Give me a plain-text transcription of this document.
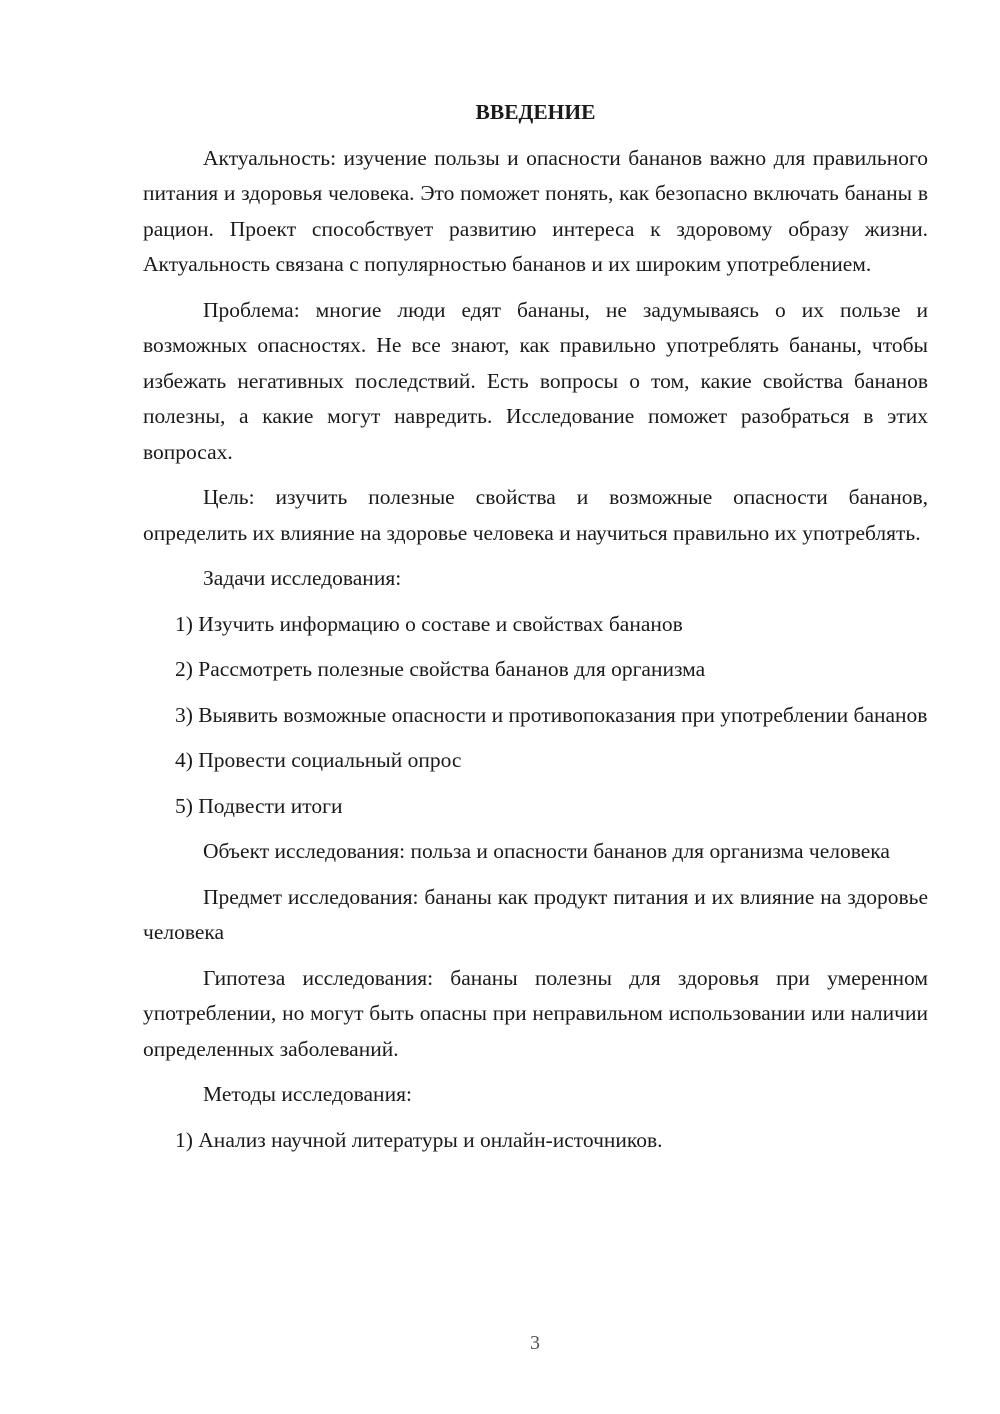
ВВЕДЕНИЕ

Актуальность: изучение пользы и опасности бананов важно для правильного питания и здоровья человека. Это поможет понять, как безопасно включать бананы в рацион. Проект способствует развитию интереса к здоровому образу жизни. Актуальность связана с популярностью бананов и их широким употреблением.

Проблема: многие люди едят бананы, не задумываясь о их пользе и возможных опасностях. Не все знают, как правильно употреблять бананы, чтобы избежать негативных последствий. Есть вопросы о том, какие свойства бананов полезны, а какие могут навредить. Исследование поможет разобраться в этих вопросах.

Цель: изучить полезные свойства и возможные опасности бананов, определить их влияние на здоровье человека и научиться правильно их употреблять.

Задачи исследования:

1) Изучить информацию о составе и свойствах бананов

2) Рассмотреть полезные свойства бананов для организма

3) Выявить возможные опасности и противопоказания при употреблении бананов

4) Провести социальный опрос

5) Подвести итоги

Объект исследования: польза и опасности бананов для организма человека

Предмет исследования: бананы как продукт питания и их влияние на здоровье человека

Гипотеза исследования: бананы полезны для здоровья при умеренном употреблении, но могут быть опасны при неправильном использовании или наличии определенных заболеваний.

Методы исследования:

1) Анализ научной литературы и онлайн-источников.

3
